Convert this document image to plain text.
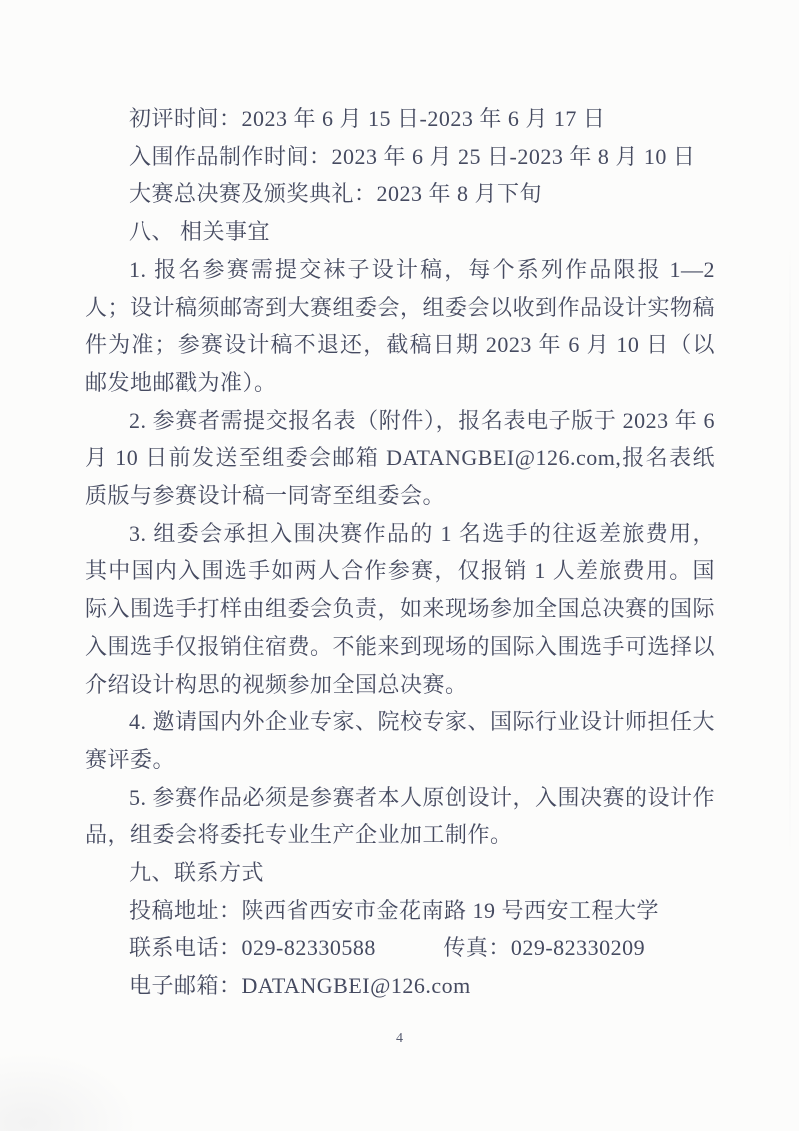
初评时间：2023 年 6 月 15 日-2023 年 6 月 17 日

入围作品制作时间：2023 年 6 月 25 日-2023 年 8 月 10 日

大赛总决赛及颁奖典礼：2023 年 8 月下旬

八、 相关事宜

1. 报名参赛需提交袜子设计稿，每个系列作品限报 1—2 人；设计稿须邮寄到大赛组委会，组委会以收到作品设计实物稿件为准；参赛设计稿不退还，截稿日期 2023 年 6 月 10 日（以邮发地邮戳为准）。

2. 参赛者需提交报名表（附件），报名表电子版于 2023 年 6 月 10 日前发送至组委会邮箱 DATANGBEI@126.com,报名表纸质版与参赛设计稿一同寄至组委会。

3. 组委会承担入围决赛作品的 1 名选手的往返差旅费用，其中国内入围选手如两人合作参赛，仅报销 1 人差旅费用。国际入围选手打样由组委会负责，如来现场参加全国总决赛的国际入围选手仅报销住宿费。不能来到现场的国际入围选手可选择以介绍设计构思的视频参加全国总决赛。

4. 邀请国内外企业专家、院校专家、国际行业设计师担任大赛评委。

5. 参赛作品必须是参赛者本人原创设计，入围决赛的设计作品，组委会将委托专业生产企业加工制作。

九、联系方式

投稿地址：陕西省西安市金花南路 19 号西安工程大学

联系电话：029-82330588　　　传真：029-82330209

电子邮箱：DATANGBEI@126.com

4
